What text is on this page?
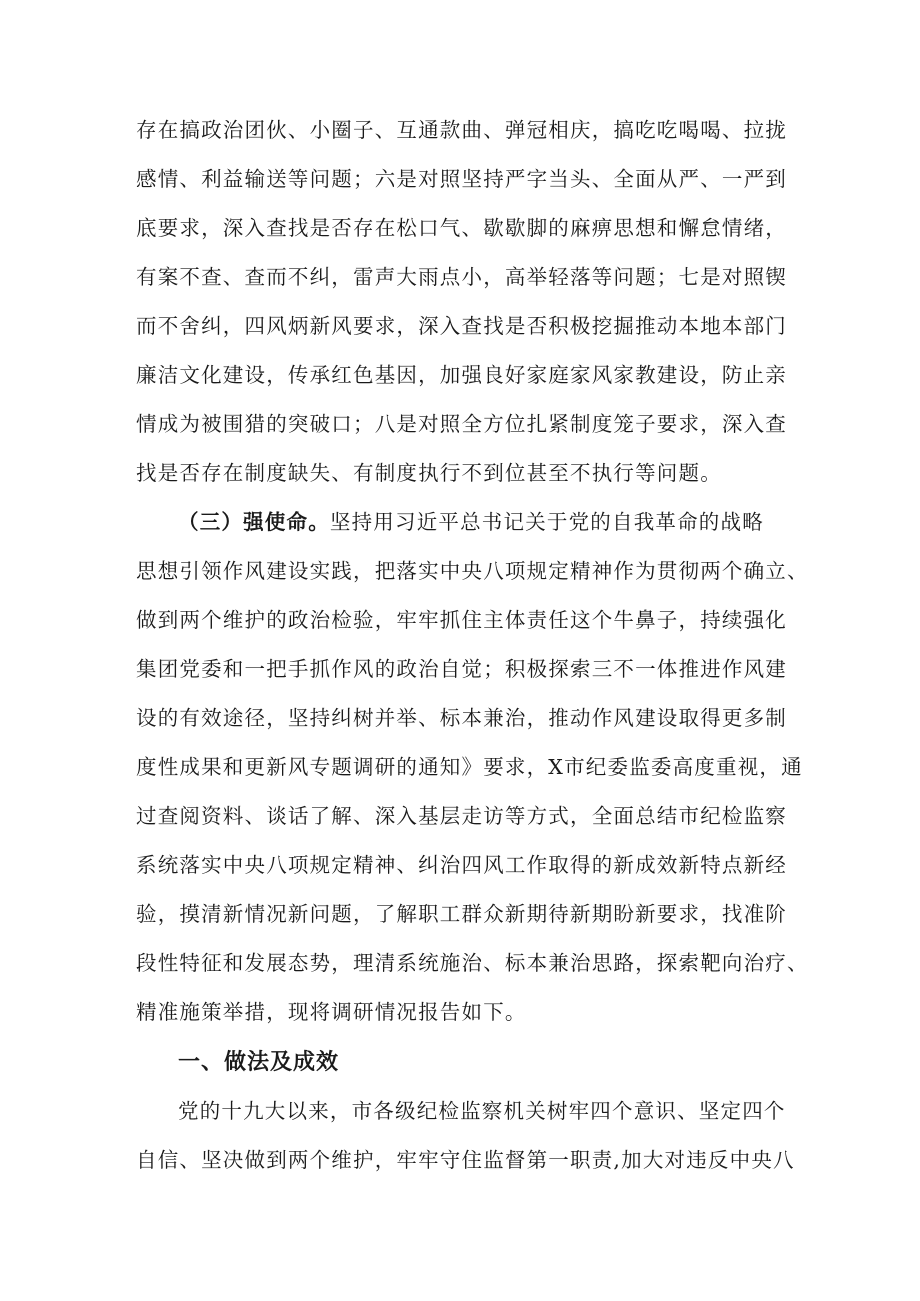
存在搞政治团伙、小圈子、互通款曲、弹冠相庆，搞吃吃喝喝、拉拢
感情、利益输送等问题；六是对照坚持严字当头、全面从严、一严到
底要求，深入查找是否存在松口气、歇歇脚的麻痹思想和懈怠情绪，
有案不查、查而不纠，雷声大雨点小，高举轻落等问题；七是对照锲
而不舍纠，四风炳新风要求，深入查找是否积极挖掘推动本地本部门
廉洁文化建设，传承红色基因，加强良好家庭家风家教建设，防止亲
情成为被围猎的突破口；八是对照全方位扎紧制度笼子要求，深入查
找是否存在制度缺失、有制度执行不到位甚至不执行等问题。
（三）强使命。坚持用习近平总书记关于党的自我革命的战略
思想引领作风建设实践，把落实中央八项规定精神作为贯彻两个确立、
做到两个维护的政治检验，牢牢抓住主体责任这个牛鼻子，持续强化
集团党委和一把手抓作风的政治自觉；积极探索三不一体推进作风建
设的有效途径，坚持纠树并举、标本兼治，推动作风建设取得更多制
度性成果和更新风专题调研的通知》要求，X市纪委监委高度重视，通
过查阅资料、谈话了解、深入基层走访等方式，全面总结市纪检监察
系统落实中央八项规定精神、纠治四风工作取得的新成效新特点新经
验，摸清新情况新问题，了解职工群众新期待新期盼新要求，找准阶
段性特征和发展态势，理清系统施治、标本兼治思路，探索靶向治疗、
精准施策举措，现将调研情况报告如下。
一、做法及成效
党的十九大以来，市各级纪检监察机关树牢四个意识、坚定四个
自信、坚决做到两个维护，牢牢守住监督第一职责,加大对违反中央八
